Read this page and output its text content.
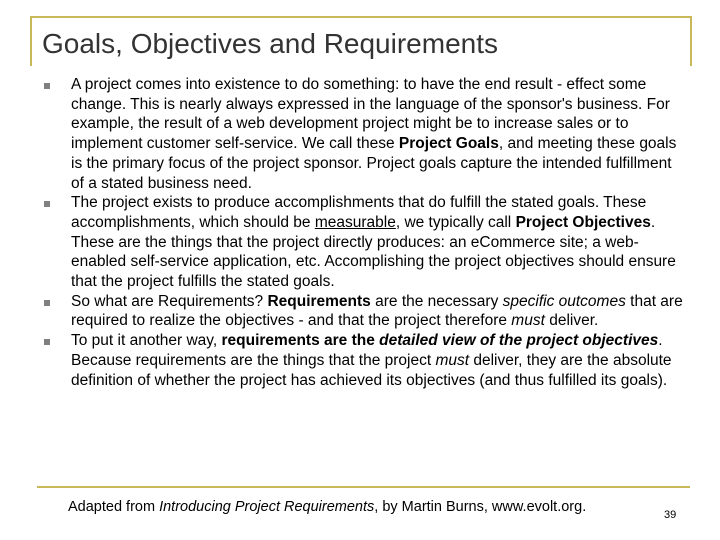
Goals, Objectives and Requirements
A project comes into existence to do something: to have the end result - effect some change. This is nearly always expressed in the language of the sponsor's business. For example, the result of a web development project might be to increase sales or to implement customer self-service. We call these Project Goals, and meeting these goals is the primary focus of the project sponsor. Project goals capture the intended fulfillment of a stated business need.
The project exists to produce accomplishments that do fulfill the stated goals. These accomplishments, which should be measurable, we typically call Project Objectives. These are the things that the project directly produces: an eCommerce site; a web-enabled self-service application, etc. Accomplishing the project objectives should ensure that the project fulfills the stated goals.
So what are Requirements? Requirements are the necessary specific outcomes that are required to realize the objectives - and that the project therefore must deliver.
To put it another way, requirements are the detailed view of the project objectives. Because requirements are the things that the project must deliver, they are the absolute definition of whether the project has achieved its objectives (and thus fulfilled its goals).
Adapted from Introducing Project Requirements, by Martin Burns, www.evolt.org.	39
